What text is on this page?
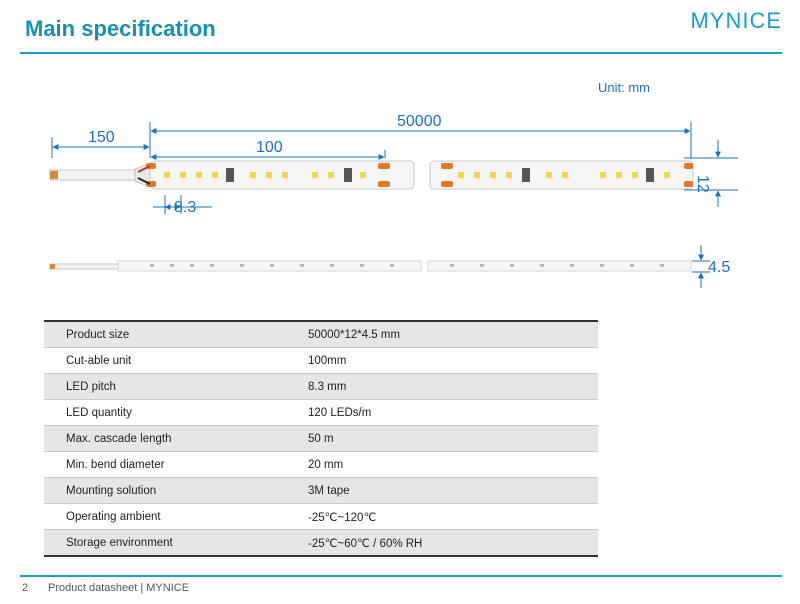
Main specification	MYNICE
Unit: mm
150
50000
100
8.3
12
4.5
Product size	50000*12*4.5 mm
Cut-able unit	100mm
LED pitch	8.3 mm
LED quantity	120 LEDs/m
Max. cascade length	50 m
Min. bend diameter	20 mm
Mounting solution	3M tape
Operating ambient	-25℃~120℃
Storage environment	-25℃~60℃ / 60% RH
2 Product datasheet | MYNICE
